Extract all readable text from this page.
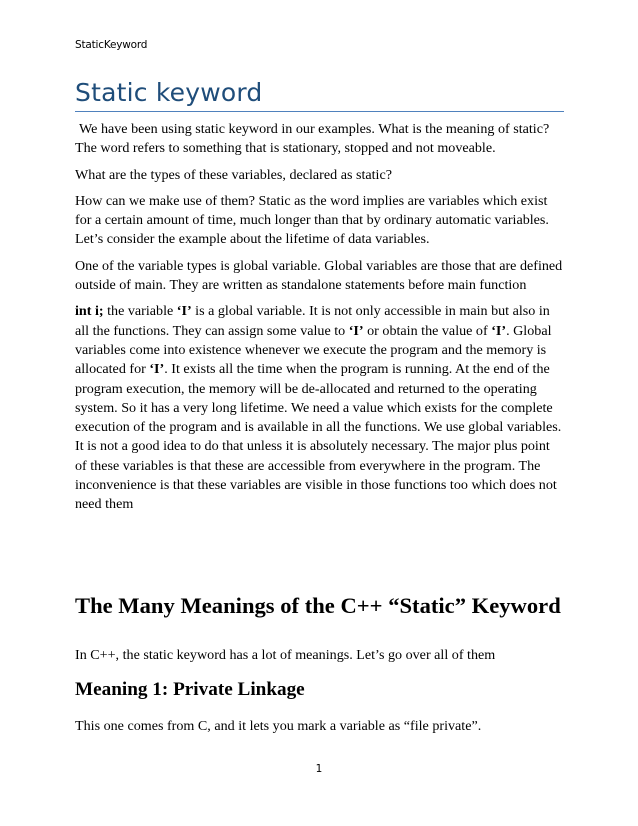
StaticKeyword
Static keyword

We have been using static keyword in our examples. What is the meaning of static? The word refers to something that is stationary, stopped and not moveable.

What are the types of these variables, declared as static?

How can we make use of them? Static as the word implies are variables which exist for a certain amount of time, much longer than that by ordinary automatic variables. Let’s consider the example about the lifetime of data variables.

One of the variable types is global variable. Global variables are those that are defined outside of main. They are written as standalone statements before main function

int i; the variable ‘I’ is a global variable. It is not only accessible in main but also in all the functions. They can assign some value to ‘I’ or obtain the value of ‘I’. Global variables come into existence whenever we execute the program and the memory is allocated for ‘I’. It exists all the time when the program is running. At the end of the program execution, the memory will be de-allocated and returned to the operating system. So it has a very long lifetime. We need a value which exists for the complete execution of the program and is available in all the functions. We use global variables. It is not a good idea to do that unless it is absolutely necessary. The major plus point of these variables is that these are accessible from everywhere in the program. The inconvenience is that these variables are visible in those functions too which does not need them

The Many Meanings of the C++ “Static” Keyword

In C++, the static keyword has a lot of meanings. Let’s go over all of them

Meaning 1: Private Linkage

This one comes from C, and it lets you mark a variable as “file private”.

1
